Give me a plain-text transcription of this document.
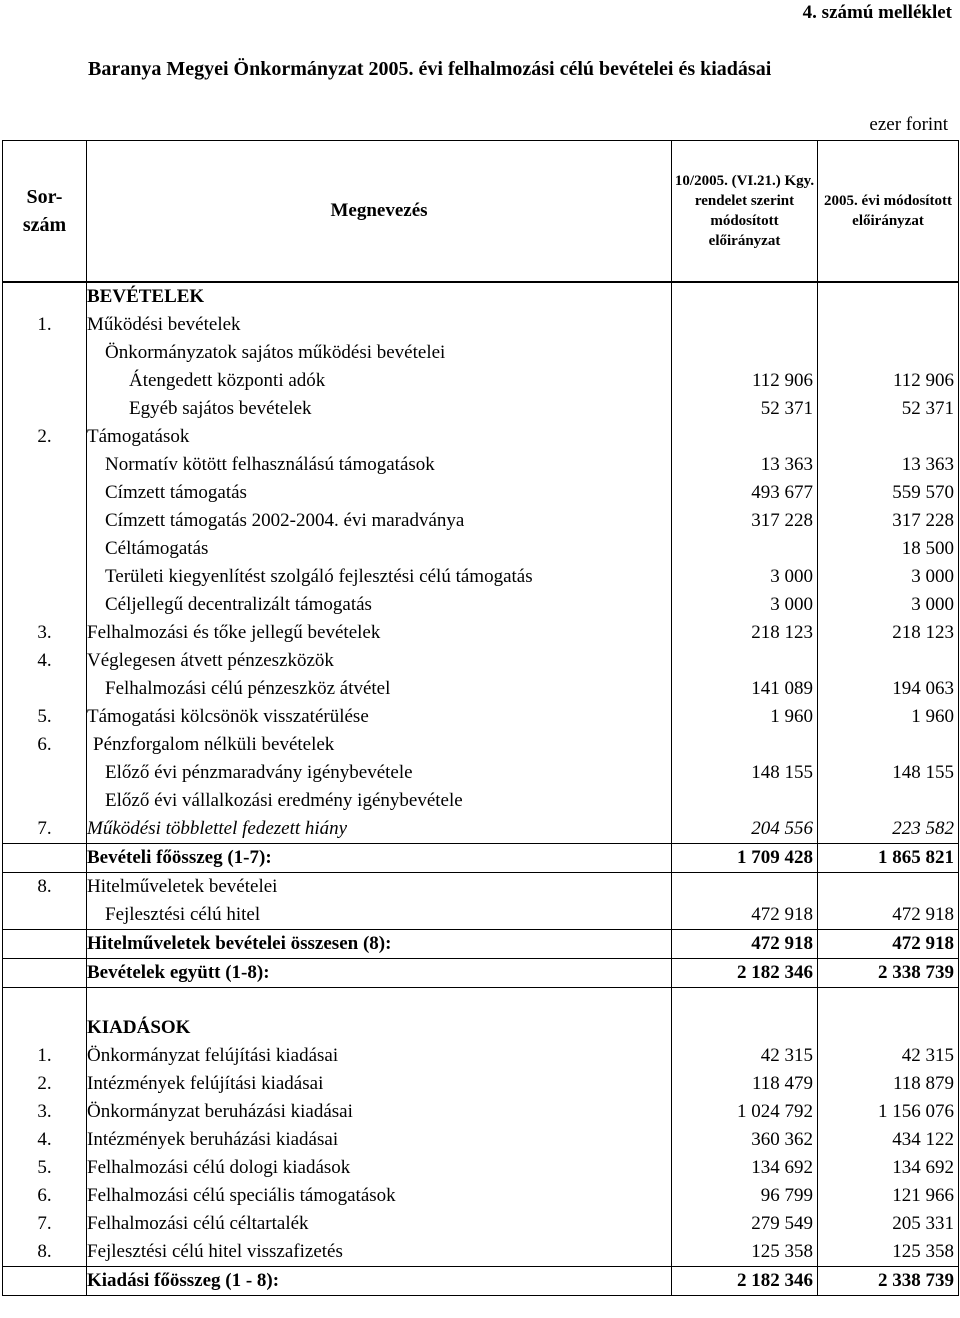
4. számú melléklet
Baranya Megyei Önkormányzat 2005. évi felhalmozási célú bevételei és kiadásai
ezer forint
Sor-szám	Megnevezés	10/2005. (VI.21.) Kgy. rendelet szerint módosított előirányzat	2005. évi módosított előirányzat
	BEVÉTELEK		
1.	Működési bevételek		
	Önkormányzatok sajátos működési bevételei		
	Átengedett központi adók	112 906	112 906
	Egyéb sajátos bevételek	52 371	52 371
2.	Támogatások		
	Normatív kötött felhasználású támogatások	13 363	13 363
	Címzett támogatás	493 677	559 570
	Címzett támogatás 2002-2004. évi maradványa	317 228	317 228
	Céltámogatás		18 500
	Területi kiegyenlítést szolgáló fejlesztési célú támogatás	3 000	3 000
	Céljellegű decentralizált támogatás	3 000	3 000
3.	Felhalmozási és tőke jellegű bevételek	218 123	218 123
4.	Véglegesen átvett pénzeszközök		
	Felhalmozási célú pénzeszköz átvétel	141 089	194 063
5.	Támogatási kölcsönök visszatérülése	1 960	1 960
6.	Pénzforgalom nélküli bevételek		
	Előző évi pénzmaradvány igénybevétele	148 155	148 155
	Előző évi vállalkozási eredmény igénybevétele		
7.	Működési többlettel fedezett hiány	204 556	223 582
	Bevételi főösszeg (1-7):	1 709 428	1 865 821
8.	Hitelműveletek bevételei		
	Fejlesztési célú hitel	472 918	472 918
	Hitelműveletek bevételei összesen (8):	472 918	472 918
	Bevételek együtt (1-8):	2 182 346	2 338 739

	KIADÁSOK		
1.	Önkormányzat felújítási kiadásai	42 315	42 315
2.	Intézmények felújítási kiadásai	118 479	118 879
3.	Önkormányzat beruházási kiadásai	1 024 792	1 156 076
4.	Intézmények beruházási kiadásai	360 362	434 122
5.	Felhalmozási célú dologi kiadások	134 692	134 692
6.	Felhalmozási célú speciális támogatások	96 799	121 966
7.	Felhalmozási célú céltartalék	279 549	205 331
8.	Fejlesztési célú hitel visszafizetés	125 358	125 358
	Kiadási főösszeg (1 - 8):	2 182 346	2 338 739
